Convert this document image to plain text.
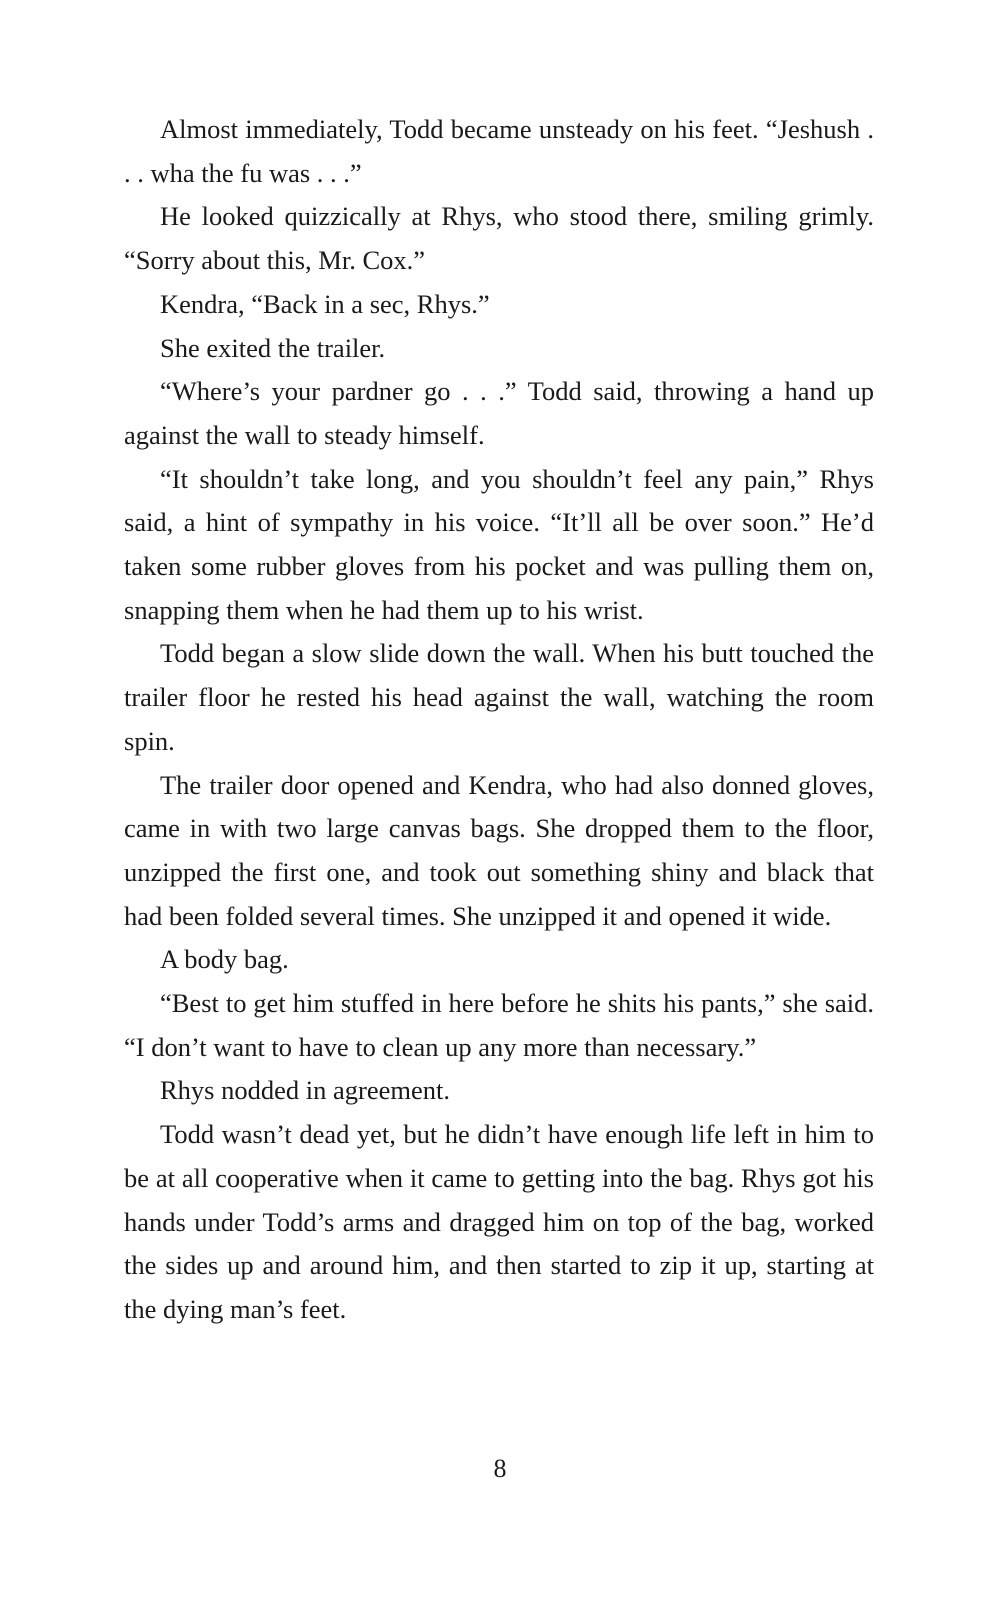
Almost immediately, Todd became unsteady on his feet. “Jeshush . . . wha the fu was . . .”

He looked quizzically at Rhys, who stood there, smiling grimly. “Sorry about this, Mr. Cox.”

Kendra, “Back in a sec, Rhys.”

She exited the trailer.

“Where’s your pardner go . . .” Todd said, throwing a hand up against the wall to steady himself.

“It shouldn’t take long, and you shouldn’t feel any pain,” Rhys said, a hint of sympathy in his voice. “It’ll all be over soon.” He’d taken some rubber gloves from his pocket and was pulling them on, snapping them when he had them up to his wrist.

Todd began a slow slide down the wall. When his butt touched the trailer floor he rested his head against the wall, watching the room spin.

The trailer door opened and Kendra, who had also donned gloves, came in with two large canvas bags. She dropped them to the floor, unzipped the first one, and took out something shiny and black that had been folded several times. She unzipped it and opened it wide.

A body bag.

“Best to get him stuffed in here before he shits his pants,” she said. “I don’t want to have to clean up any more than necessary.”

Rhys nodded in agreement.

Todd wasn’t dead yet, but he didn’t have enough life left in him to be at all cooperative when it came to getting into the bag. Rhys got his hands under Todd’s arms and dragged him on top of the bag, worked the sides up and around him, and then started to zip it up, starting at the dying man’s feet.

8
